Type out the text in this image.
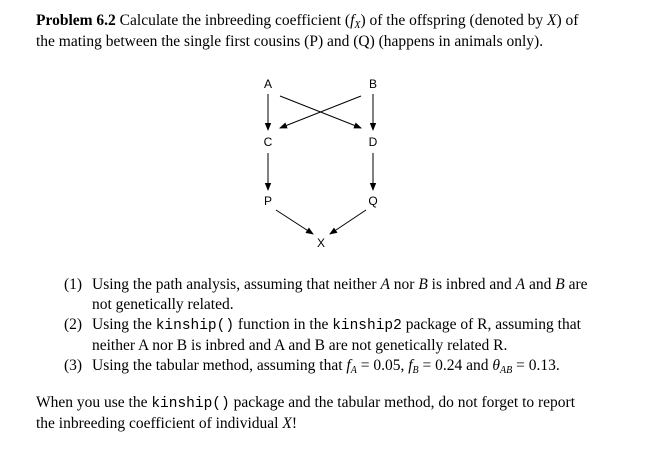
Problem 6.2 Calculate the inbreeding coefficient $(f_X)$ of the offspring (denoted by X) of
the mating between the single first cousins (P) and (Q) (happens in animals only).
A	B
C	D
P	Q
X
(1) Using the path analysis, assuming that neither A nor B is inbred and A and B are
not genetically related.
(2) Using the kinship() function in the kinship2 package of R, assuming that
neither A nor B is inbred and A and B are not genetically related R.
(3) Using the tabular method, assuming that $f_A = 0.05$, $f_B = 0.24$ and $\theta_{AB} = 0.13$.
When you use the kinship() package and the tabular method, do not forget to report
the inbreeding coefficient of individual X!
